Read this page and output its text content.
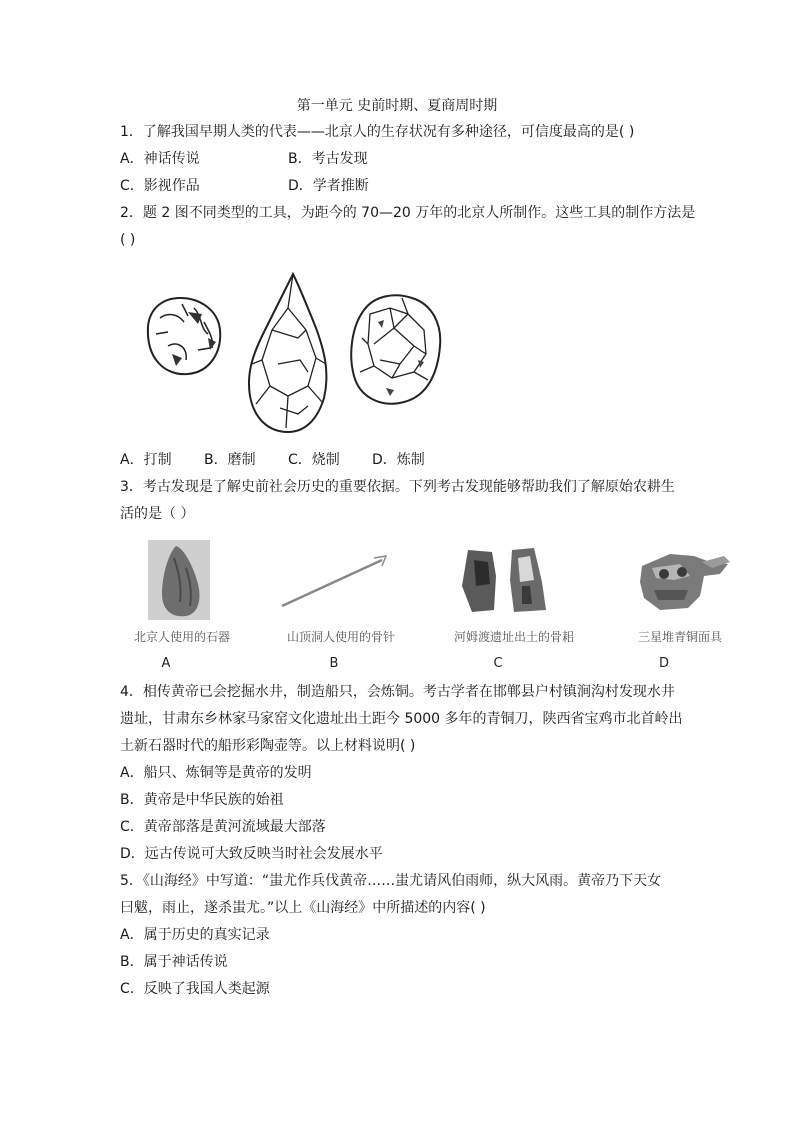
第一单元 史前时期、夏商周时期
1．了解我国早期人类的代表——北京人的生存状况有多种途径，可信度最高的是( )
A．神话传说	B．考古发现
C．影视作品	D．学者推断
2．题 2 图不同类型的工具，为距今的 70—20 万年的北京人所制作。这些工具的制作方法是
( )
A．打制 B．磨制 C．烧制 D．炼制
3．考古发现是了解史前社会历史的重要依据。下列考古发现能够帮助我们了解原始农耕生
活的是（ ）
北京人使用的石器	山顶洞人使用的骨针	河姆渡遗址出土的骨耜	三星堆青铜面具
A	B	C	D
4．相传黄帝已会挖掘水井，制造船只，会炼铜。考古学者在邯郸县户村镇涧沟村发现水井
遗址，甘肃东乡林家马家窑文化遗址出土距今 5000 多年的青铜刀，陕西省宝鸡市北首岭出
土新石器时代的船形彩陶壶等。以上材料说明( )
A．船只、炼铜等是黄帝的发明
B．黄帝是中华民族的始祖
C．黄帝部落是黄河流域最大部落
D．远古传说可大致反映当时社会发展水平
5．《山海经》中写道：“蚩尤作兵伐黄帝……蚩尤请风伯雨师，纵大风雨。黄帝乃下天女
曰魃，雨止，遂杀蚩尤。”以上《山海经》中所描述的内容( )
A．属于历史的真实记录
B．属于神话传说
C．反映了我国人类起源
